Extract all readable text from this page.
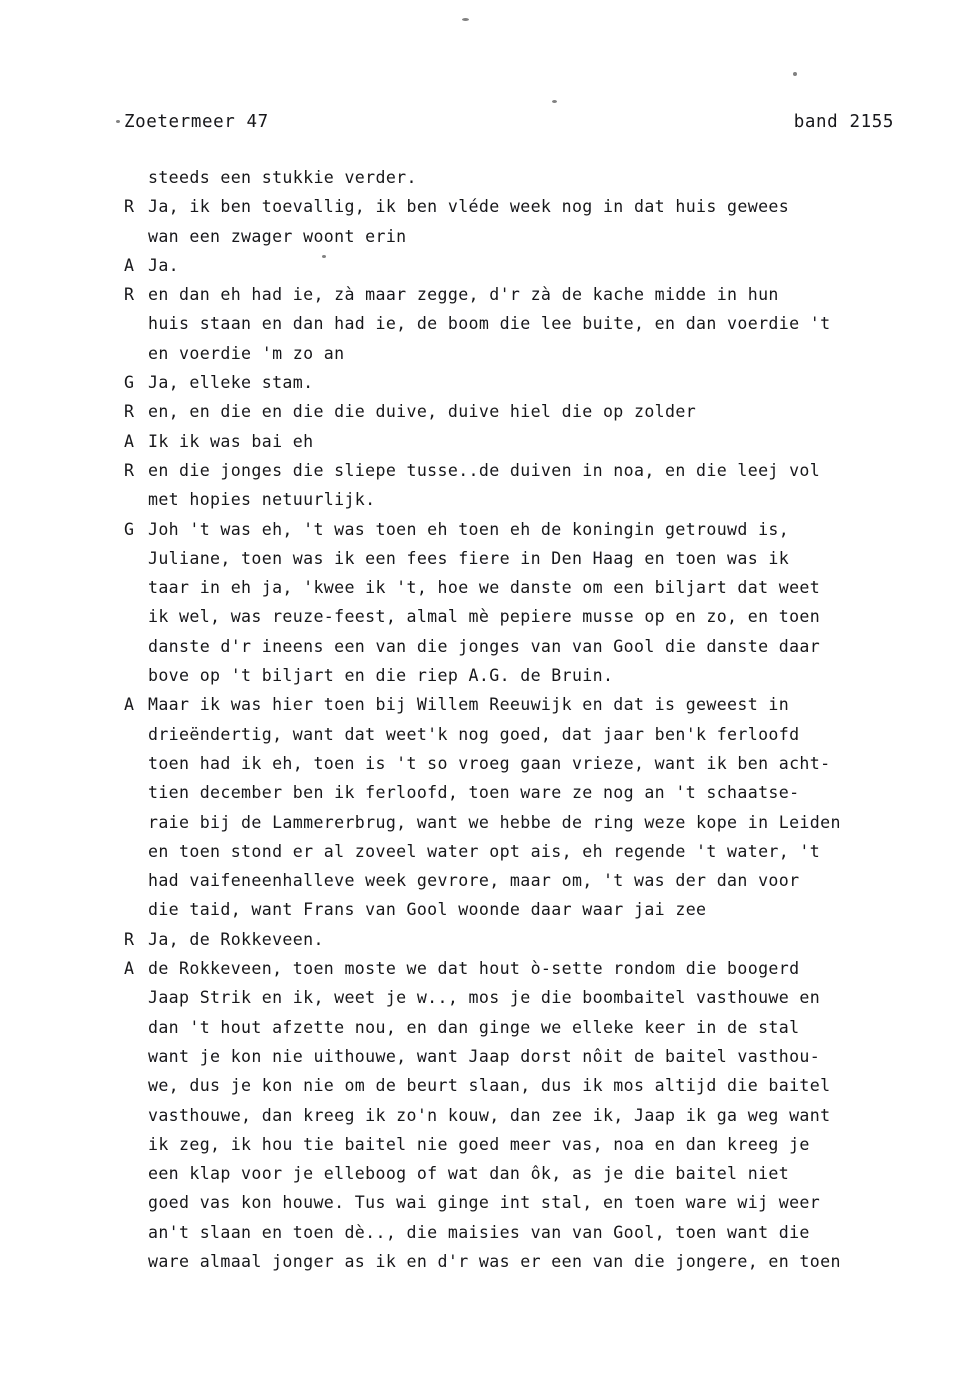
Zoetermeer 47	band 2155
steeds een stukkie verder.
R Ja, ik ben toevallig, ik ben vléde week nog in dat huis gewees
wan een zwager woont erin
A Ja.
R en dan eh had ie, zà maar zegge, d'r zà de kache midde in hun
huis staan en dan had ie, de boom die lee buite, en dan voerdie 't
en voerdie 'm zo an
G Ja, elleke stam.
R en, en die en die die duive, duive hiel die op zolder
A Ik ik was bai eh
R en die jonges die sliepe tusse..de duiven in noa, en die leej vol
met hopies netuurlijk.
G Joh 't was eh, 't was toen eh toen eh de koningin getrouwd is,
Juliane, toen was ik een fees fiere in Den Haag en toen was ik
taar in eh ja, 'kwee ik 't, hoe we danste om een biljart dat weet
ik wel, was reuze-feest, almal mè pepiere musse op en zo, en toen
danste d'r ineens een van die jonges van van Gool die danste daar
bove op 't biljart en die riep A.G. de Bruin.
A Maar ik was hier toen bij Willem Reeuwijk en dat is geweest in
drieëndertig, want dat weet'k nog goed, dat jaar ben'k ferloofd
toen had ik eh, toen is 't so vroeg gaan vrieze, want ik ben acht-
tien december ben ik ferloofd, toen ware ze nog an 't schaatse-
raie bij de Lammererbrug, want we hebbe de ring weze kope in Leiden
en toen stond er al zoveel water opt ais, eh regende 't water, 't
had vaifeneenhalleve week gevrore, maar om, 't was der dan voor
die taid, want Frans van Gool woonde daar waar jai zee
R Ja, de Rokkeveen.
A de Rokkeveen, toen moste we dat hout ò-sette rondom die boogerd
Jaap Strik en ik, weet je w.., mos je die boombaitel vasthouwe en
dan 't hout afzette nou, en dan ginge we elleke keer in de stal
want je kon nie uithouwe, want Jaap dorst nôit de baitel vasthou-
we, dus je kon nie om de beurt slaan, dus ik mos altijd die baitel
vasthouwe, dan kreeg ik zo'n kouw, dan zee ik, Jaap ik ga weg want
ik zeg, ik hou tie baitel nie goed meer vas, noa en dan kreeg je
een klap voor je elleboog of wat dan ôk, as je die baitel niet
goed vas kon houwe. Tus wai ginge int stal, en toen ware wij weer
an't slaan en toen dè.., die maisies van van Gool, toen want die
ware almaal jonger as ik en d'r was er een van die jongere, en toen
